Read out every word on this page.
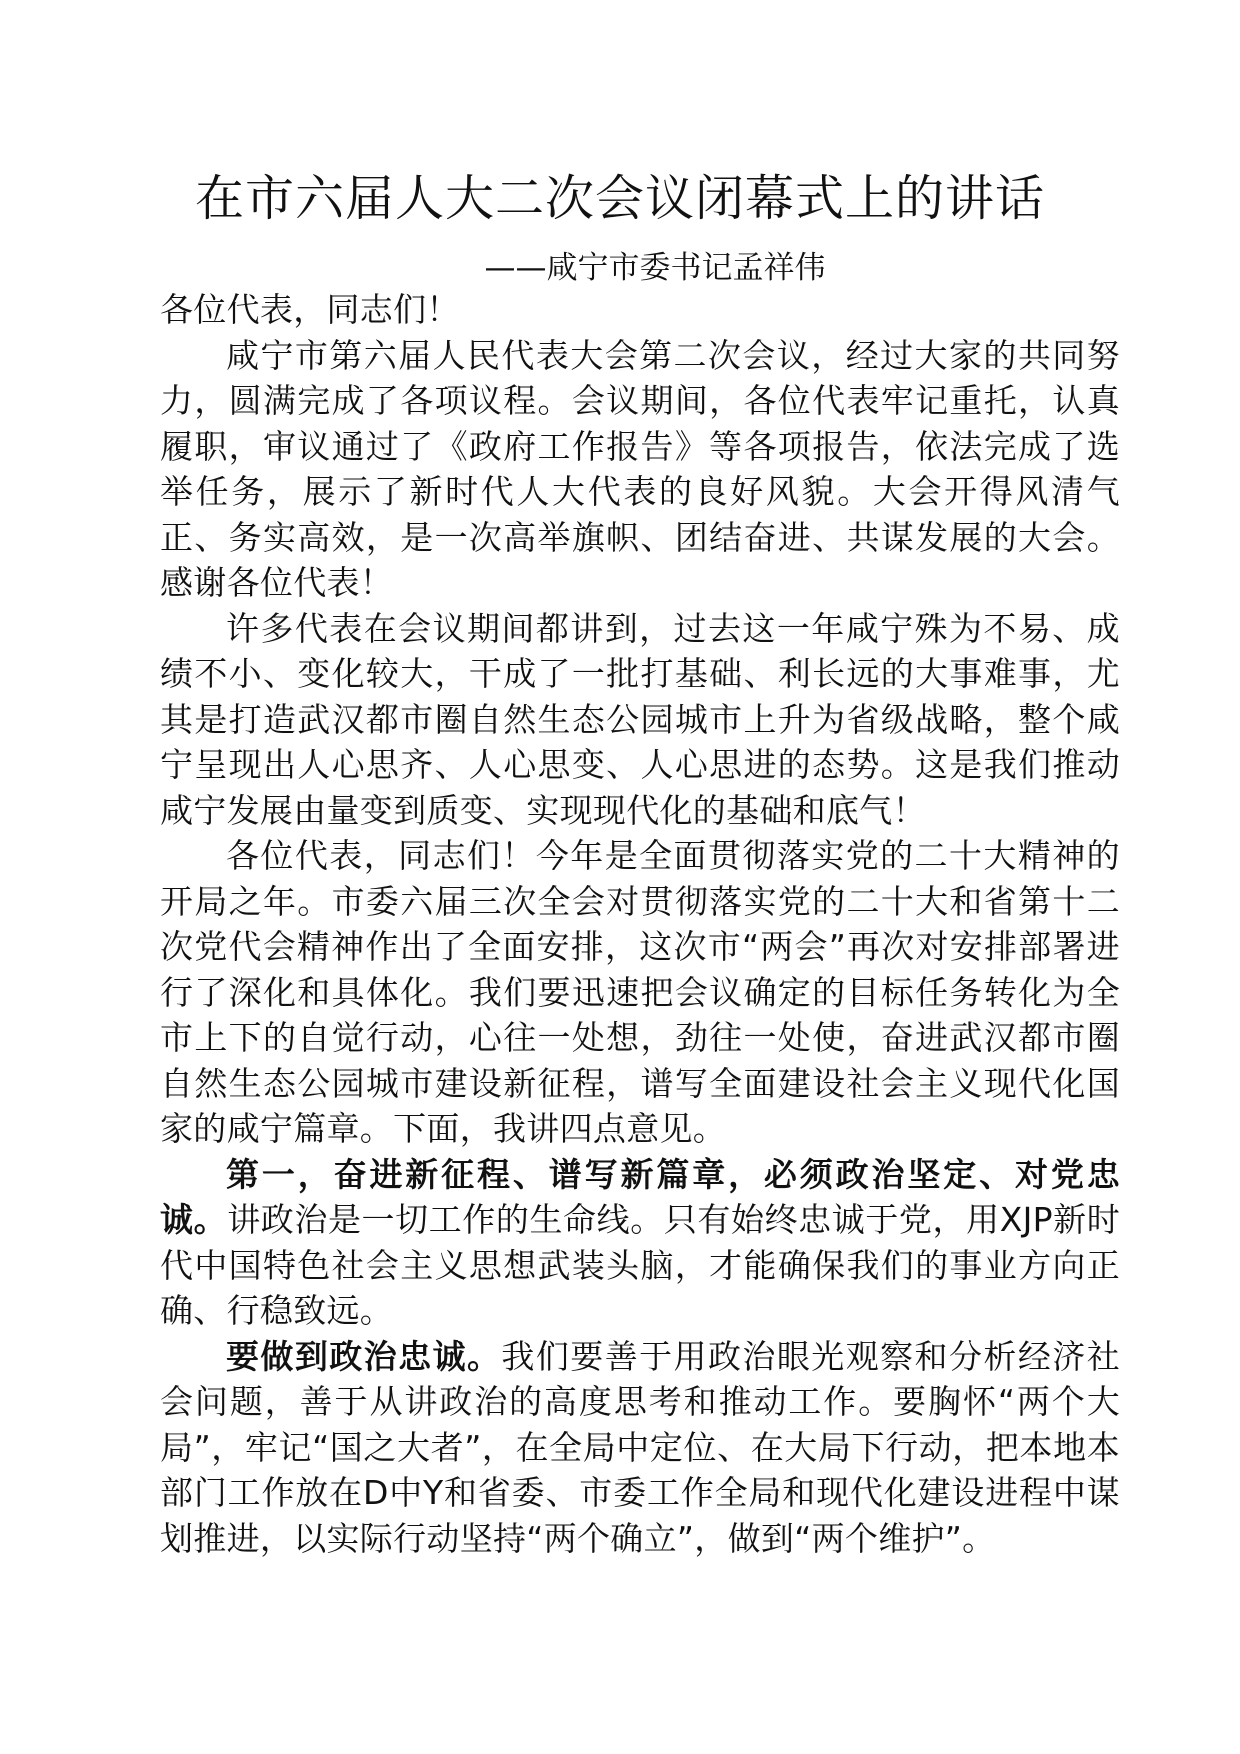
在市六届人大二次会议闭幕式上的讲话
——咸宁市委书记孟祥伟

各位代表，同志们！

咸宁市第六届人民代表大会第二次会议，经过大家的共同努力，圆满完成了各项议程。会议期间，各位代表牢记重托，认真履职，审议通过了《政府工作报告》等各项报告，依法完成了选举任务，展示了新时代人大代表的良好风貌。大会开得风清气正、务实高效，是一次高举旗帜、团结奋进、共谋发展的大会。感谢各位代表！

许多代表在会议期间都讲到，过去这一年咸宁殊为不易、成绩不小、变化较大，干成了一批打基础、利长远的大事难事，尤其是打造武汉都市圈自然生态公园城市上升为省级战略，整个咸宁呈现出人心思齐、人心思变、人心思进的态势。这是我们推动咸宁发展由量变到质变、实现现代化的基础和底气！

各位代表，同志们！今年是全面贯彻落实党的二十大精神的开局之年。市委六届三次全会对贯彻落实党的二十大和省第十二次党代会精神作出了全面安排，这次市“两会”再次对安排部署进行了深化和具体化。我们要迅速把会议确定的目标任务转化为全市上下的自觉行动，心往一处想，劲往一处使，奋进武汉都市圈自然生态公园城市建设新征程，谱写全面建设社会主义现代化国家的咸宁篇章。下面，我讲四点意见。

第一，奋进新征程、谱写新篇章，必须政治坚定、对党忠诚。讲政治是一切工作的生命线。只有始终忠诚于党，用XJP新时代中国特色社会主义思想武装头脑，才能确保我们的事业方向正确、行稳致远。

要做到政治忠诚。我们要善于用政治眼光观察和分析经济社会问题，善于从讲政治的高度思考和推动工作。要胸怀“两个大局”，牢记“国之大者”，在全局中定位、在大局下行动，把本地本部门工作放在D中Y和省委、市委工作全局和现代化建设进程中谋划推进，以实际行动坚持“两个确立”，做到“两个维护”。
